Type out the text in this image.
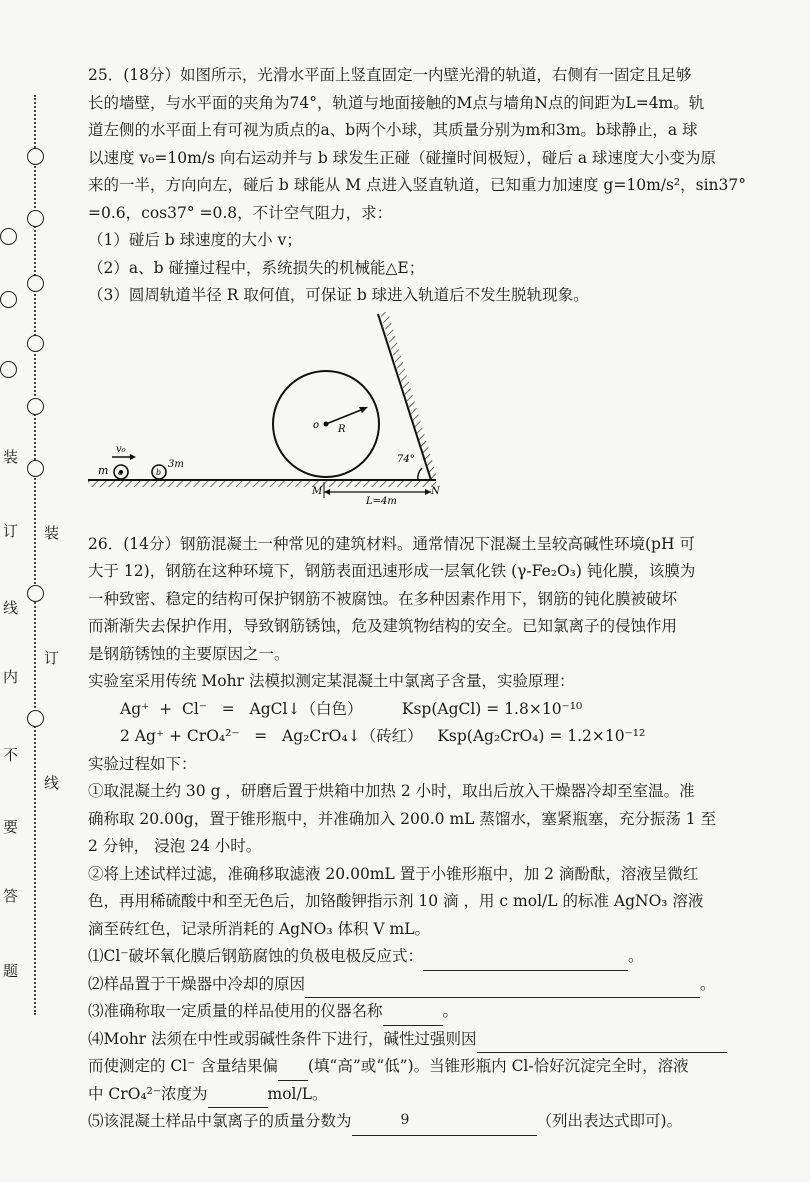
装
订
线
内
不
要
答
题
装
订
线

25．(18分）如图所示，光滑水平面上竖直固定一内壁光滑的轨道，右侧有一固定且足够

长的墙壁，与水平面的夹角为74°，轨道与地面接触的M点与墙角N点的间距为L=4m。轨

道左侧的水平面上有可视为质点的a、b两个小球，其质量分别为m和3m。b球静止，a 球

以速度 v₀=10m/s 向右运动并与 b 球发生正碰（碰撞时间极短），碰后 a 球速度大小变为原

来的一半，方向向左，碰后 b 球能从 M 点进入竖直轨道，已知重力加速度 g=10m/s²，sin37°

=0.6，cos37° =0.8，不计空气阻力，求：

（1）碰后 b 球速度的大小 v；

（2）a、b 碰撞过程中，系统损失的机械能△E；

（3）圆周轨道半径 R 取何值，可保证 b 球进入轨道后不发生脱轨现象。

v₀
m a	b
3m
o R
74°
M	N
L=4m

26．(14分）钢筋混凝土一种常见的建筑材料。通常情况下混凝土呈较高碱性环境(pH 可

大于 12)，钢筋在这种环境下，钢筋表面迅速形成一层氧化铁 (γ-Fe₂O₃) 钝化膜，该膜为

一种致密、稳定的结构可保护钢筋不被腐蚀。在多种因素作用下，钢筋的钝化膜被破坏

而渐渐失去保护作用，导致钢筋锈蚀，危及建筑物结构的安全。已知氯离子的侵蚀作用

是钢筋锈蚀的主要原因之一。

实验室采用传统 Mohr 法模拟测定某混凝土中氯离子含量，实验原理：

Ag⁺  +  Cl⁻   =   AgCl↓（白色）        Ksp(AgCl) = 1.8×10⁻¹⁰

2 Ag⁺ + CrO₄²⁻   =   Ag₂CrO₄↓（砖红）   Ksp(Ag₂CrO₄) = 1.2×10⁻¹²

实验过程如下：

①取混凝土约 30 g ，研磨后置于烘箱中加热 2 小时，取出后放入干燥器冷却至室温。准

确称取 20.00g，置于锥形瓶中，并准确加入 200.0 mL 蒸馏水，塞紧瓶塞，充分振荡 1 至

2 分钟， 浸泡 24 小时。

②将上述试样过滤，准确移取滤液 20.00mL 置于小锥形瓶中，加 2 滴酚酞，溶液呈微红

色，再用稀硫酸中和至无色后，加铬酸钾指示剂 10 滴 ，用 c mol/L 的标准 AgNO₃ 溶液

滴至砖红色，记录所消耗的 AgNO₃ 体积 V mL。

⑴Cl⁻破坏氧化膜后钢筋腐蚀的负极电极反应式：	。

⑵样品置于干燥器中冷却的原因	。

⑶准确称取一定质量的样品使用的仪器名称	。

⑷Mohr 法须在中性或弱碱性条件下进行，碱性过强则因

而使测定的 Cl⁻ 含量结果偏 (填“高”或“低”)。当锥形瓶内 Cl-恰好沉淀完全时，溶液

中 CrO₄²⁻浓度为	mol/L。

⑸该混凝土样品中氯离子的质量分数为	（列出表达式即可)。

9
